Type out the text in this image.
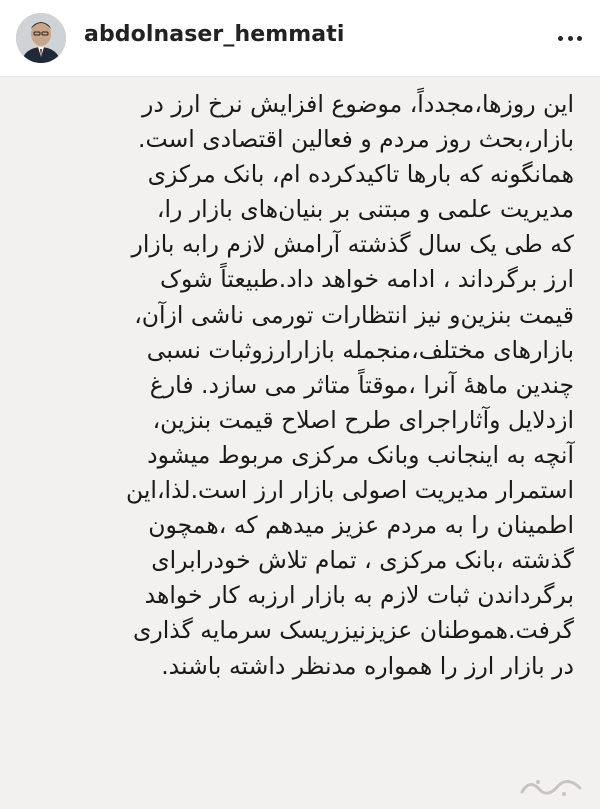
abdolnaser_hemmati
این روزها،مجدداً، موضوع افزایش نرخ ارز در
بازار،بحث روز مردم و فعالین اقتصادی است.
همانگونه که بارها تاکیدکرده ام، بانک مرکزی
مدیریت علمی و مبتنی بر بنیان‌های بازار را،
که طی یک سال گذشته آرامش لازم رابه بازار
ارز برگرداند ، ادامه خواهد داد.طبیعتاً شوک
قیمت بنزین‌و نیز انتظارات تورمی ناشی ازآن،
بازارهای مختلف،منجمله بازارارزوثبات نسبی
چندین ماههٔ آنرا ،موقتاً متاثر می سازد. فارغ
ازدلایل وآثاراجرای طرح اصلاح قیمت بنزین،
آنچه به اینجانب وبانک مرکزی مربوط میشود
استمرار مدیریت اصولی بازار ارز است.لذا،این
اطمینان را به مردم عزیز میدهم که ،همچون
گذشته ،بانک مرکزی ، تمام تلاش خودرابرای
برگرداندن ثبات لازم به بازار ارزبه کار خواهد
گرفت.هموطنان عزیزنیزریسک سرمایه گذاری
در بازار ارز را همواره مدنظر داشته باشند.
